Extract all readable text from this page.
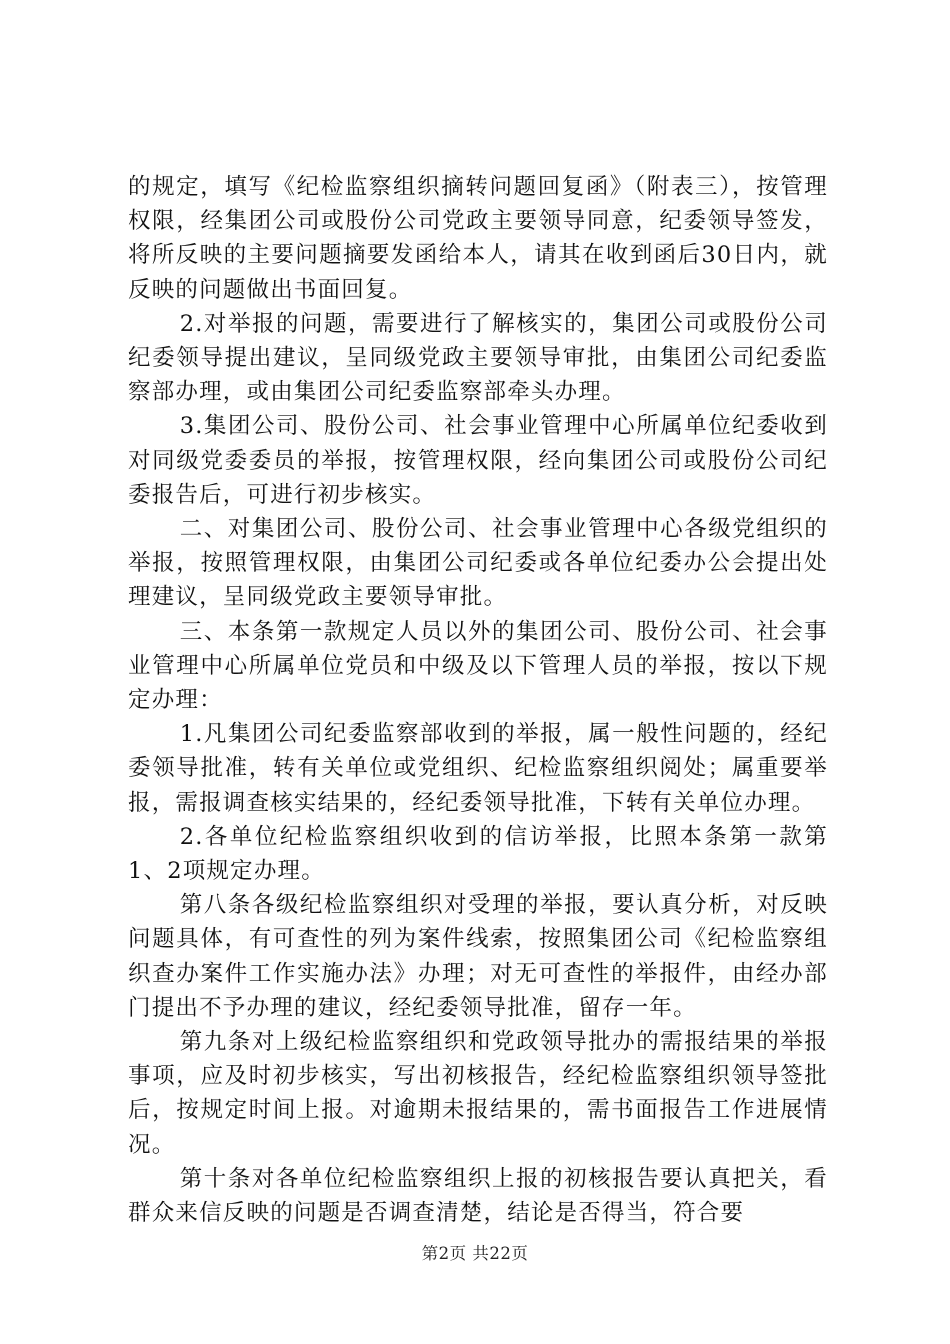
的规定，填写《纪检监察组织摘转问题回复函》（附表三），按管理权限，经集团公司或股份公司党政主要领导同意，纪委领导签发，将所反映的主要问题摘要发函给本人，请其在收到函后30日内，就反映的问题做出书面回复。

2.对举报的问题，需要进行了解核实的，集团公司或股份公司纪委领导提出建议，呈同级党政主要领导审批，由集团公司纪委监察部办理，或由集团公司纪委监察部牵头办理。

3.集团公司、股份公司、社会事业管理中心所属单位纪委收到对同级党委委员的举报，按管理权限，经向集团公司或股份公司纪委报告后，可进行初步核实。

二、对集团公司、股份公司、社会事业管理中心各级党组织的举报，按照管理权限，由集团公司纪委或各单位纪委办公会提出处理建议，呈同级党政主要领导审批。

三、本条第一款规定人员以外的集团公司、股份公司、社会事业管理中心所属单位党员和中级及以下管理人员的举报，按以下规定办理：

1.凡集团公司纪委监察部收到的举报，属一般性问题的，经纪委领导批准，转有关单位或党组织、纪检监察组织阅处；属重要举报，需报调查核实结果的，经纪委领导批准，下转有关单位办理。

2.各单位纪检监察组织收到的信访举报，比照本条第一款第1、2项规定办理。

第八条各级纪检监察组织对受理的举报，要认真分析，对反映问题具体，有可查性的列为案件线索，按照集团公司《纪检监察组织查办案件工作实施办法》办理；对无可查性的举报件，由经办部门提出不予办理的建议，经纪委领导批准，留存一年。

第九条对上级纪检监察组织和党政领导批办的需报结果的举报事项，应及时初步核实，写出初核报告，经纪检监察组织领导签批后，按规定时间上报。对逾期未报结果的，需书面报告工作进展情况。

第十条对各单位纪检监察组织上报的初核报告要认真把关，看群众来信反映的问题是否调查清楚，结论是否得当，符合要

第2页 共22页
